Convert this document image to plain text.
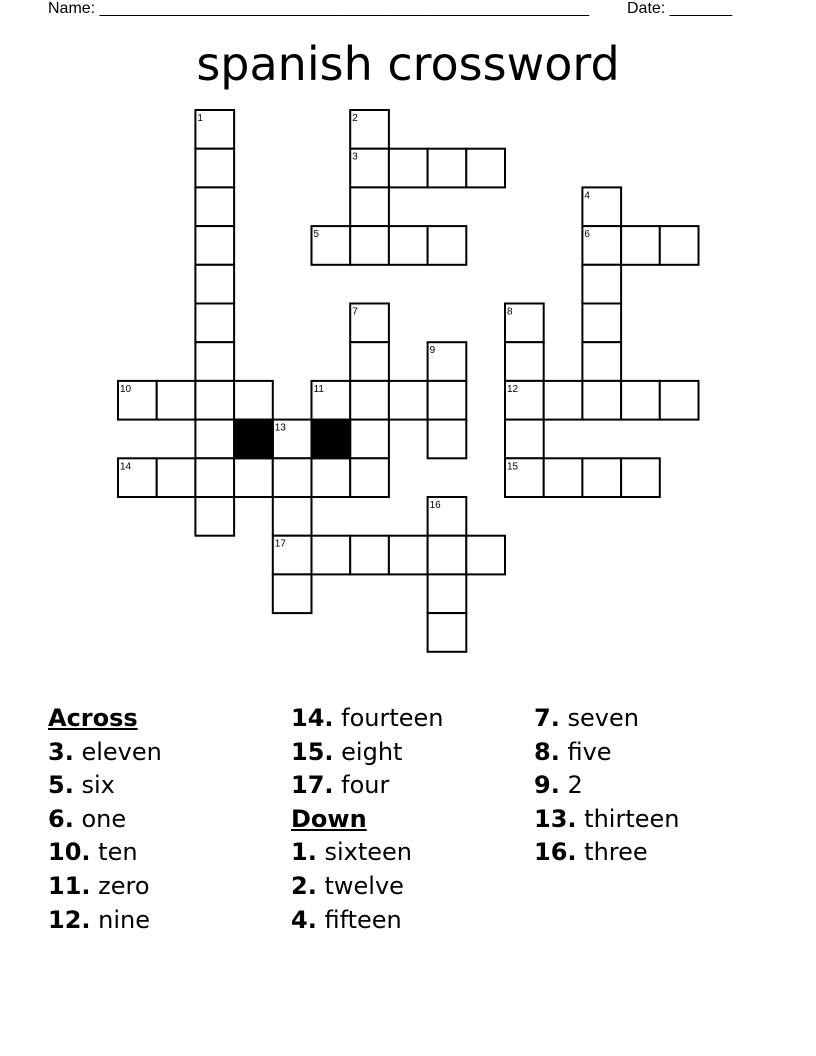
Name: _______________________________________________________ Date: _______
spanish crossword
1	2
3
4
5	6
7	8
9
10	11	12
13
14	15
16
17
Across
3. eleven
5. six
6. one
10. ten
11. zero
12. nine
14. fourteen
15. eight
17. four
Down
1. sixteen
2. twelve
4. fifteen
7. seven
8. five
9. 2
13. thirteen
16. three
